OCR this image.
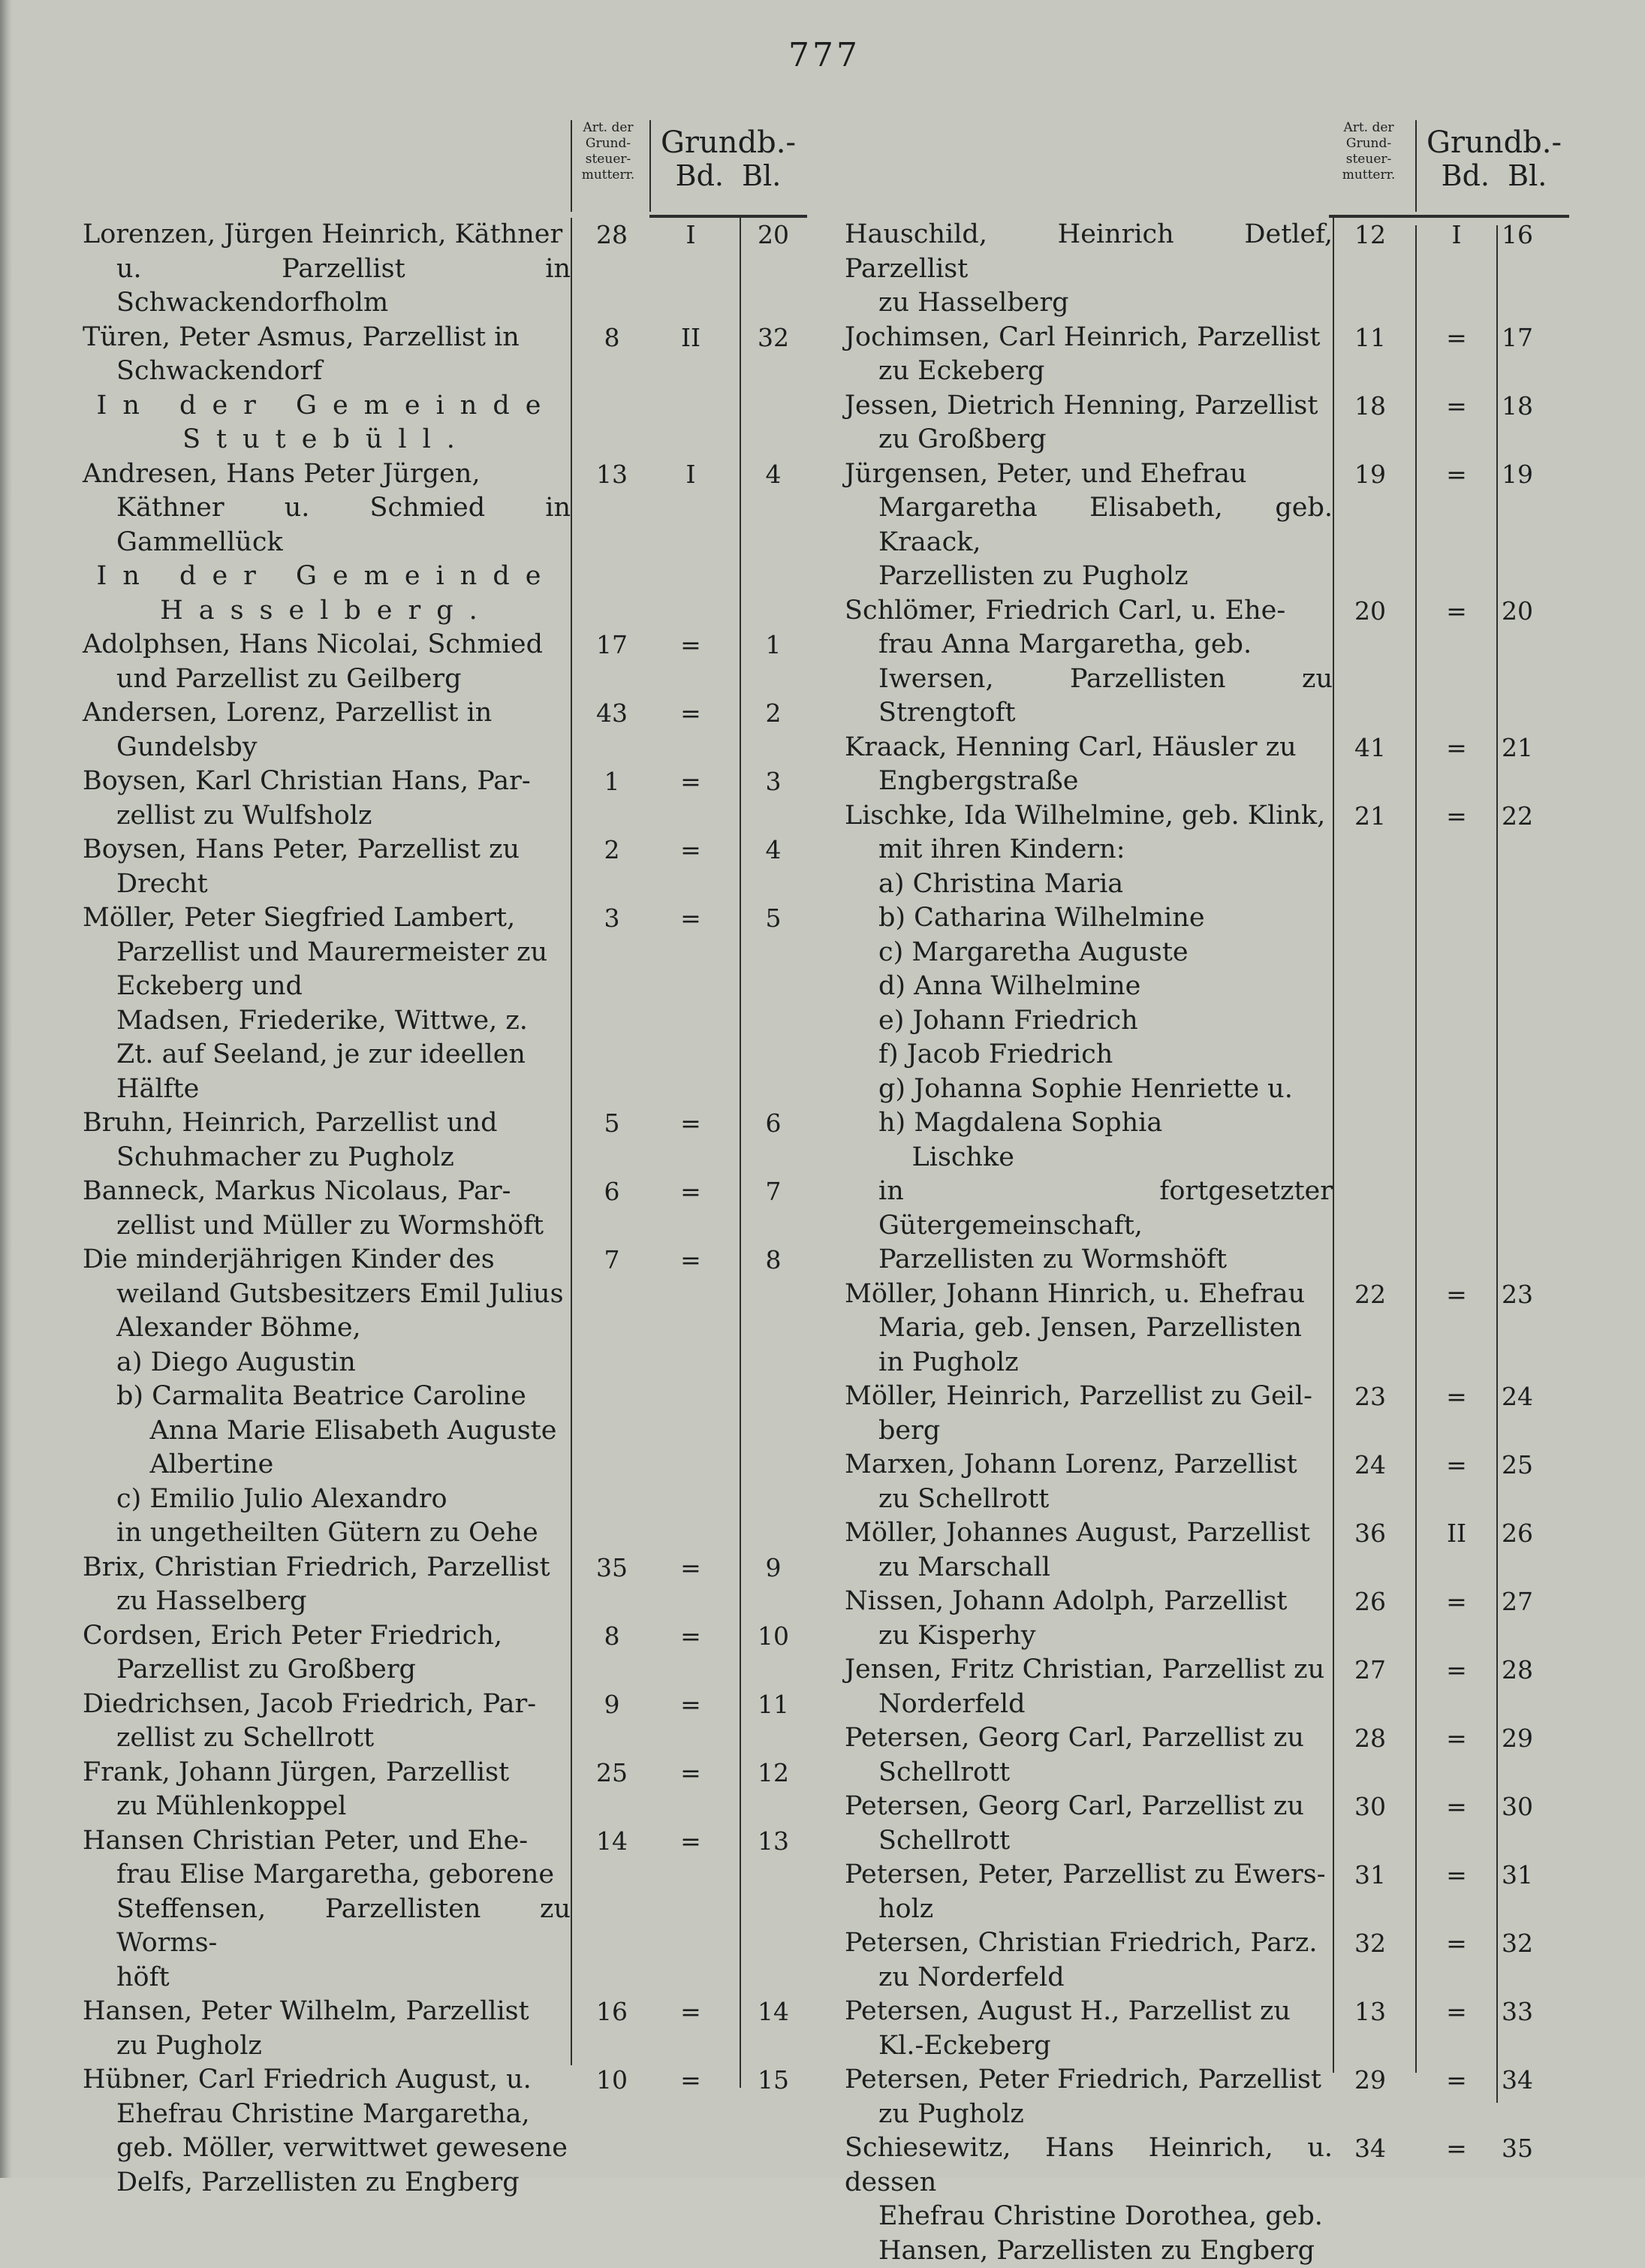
777
Art. der
Grund-
steuer-
mutterr.
Grundb.-
Bd. Bl.
Lorenzen, Jürgen Heinrich, Käthner
u. Parzellist in Schwackendorfholm
28	I	20
Türen, Peter Asmus, Parzellist in
Schwackendorf
8	II	32
In der Gemeinde
Stutebüll.
Andresen, Hans Peter Jürgen,
Käthner u. Schmied in Gammellück
13	I	4
In der Gemeinde
Hasselberg.
Adolphsen, Hans Nicolai, Schmied
und Parzellist zu Geilberg
17	=	1
Andersen, Lorenz, Parzellist in
Gundelsby
43	=	2
Boysen, Karl Christian Hans, Par-
zellist zu Wulfsholz
1	=	3
Boysen, Hans Peter, Parzellist zu
Drecht
2	=	4
Möller, Peter Siegfried Lambert,
Parzellist und Maurermeister zu
Eckeberg und
3	=	5
Madsen, Friederike, Wittwe, z.
Zt. auf Seeland, je zur ideellen
Hälfte
Bruhn, Heinrich, Parzellist und
Schuhmacher zu Pugholz
5	=	6
Banneck, Markus Nicolaus, Par-
zellist und Müller zu Wormshöft
6	=	7
Die minderjährigen Kinder des
weiland Gutsbesitzers Emil Julius
Alexander Böhme,
7	=	8
a) Diego Augustin
b) Carmalita Beatrice Caroline
Anna Marie Elisabeth Auguste
Albertine
c) Emilio Julio Alexandro
in ungetheilten Gütern zu Oehe
Brix, Christian Friedrich, Parzellist
zu Hasselberg
35	=	9
Cordsen, Erich Peter Friedrich,
Parzellist zu Großberg
8	=	10
Diedrichsen, Jacob Friedrich, Par-
zellist zu Schellrott
9	=	11
Frank, Johann Jürgen, Parzellist
zu Mühlenkoppel
25	=	12
Hansen Christian Peter, und Ehe-
frau Elise Margaretha, geborene
Steffensen, Parzellisten zu Worms-
höft
14	=	13
Hansen, Peter Wilhelm, Parzellist
zu Pugholz
16	=	14
Hübner, Carl Friedrich August, u.
Ehefrau Christine Margaretha,
geb. Möller, verwittwet gewesene
Delfs, Parzellisten zu Engberg
10	=	15
Art. der
Grund-
steuer-
mutterr.
Grundb.-
Bd. Bl.
Hauschild, Heinrich Detlef, Parzellist
zu Hasselberg
12	I	16
Jochimsen, Carl Heinrich, Parzellist
zu Eckeberg
11	=	17
Jessen, Dietrich Henning, Parzellist
zu Großberg
18	=	18
Jürgensen, Peter, und Ehefrau
Margaretha Elisabeth, geb. Kraack,
Parzellisten zu Pugholz
19	=	19
Schlömer, Friedrich Carl, u. Ehe-
frau Anna Margaretha, geb.
Iwersen, Parzellisten zu Strengtoft
20	=	20
Kraack, Henning Carl, Häusler zu
Engbergstraße
41	=	21
Lischke, Ida Wilhelmine, geb. Klink,
mit ihren Kindern:
21	=	22
a) Christina Maria
b) Catharina Wilhelmine
c) Margaretha Auguste
d) Anna Wilhelmine
e) Johann Friedrich
f) Jacob Friedrich
g) Johanna Sophie Henriette u.
h) Magdalena Sophia
Lischke
in fortgesetzter Gütergemeinschaft,
Parzellisten zu Wormshöft
Möller, Johann Hinrich, u. Ehefrau
Maria, geb. Jensen, Parzellisten
in Pugholz
22	=	23
Möller, Heinrich, Parzellist zu Geil-
berg
23	=	24
Marxen, Johann Lorenz, Parzellist
zu Schellrott
24	=	25
Möller, Johannes August, Parzellist
zu Marschall
36	II	26
Nissen, Johann Adolph, Parzellist
zu Kisperhy
26	=	27
Jensen, Fritz Christian, Parzellist zu
Norderfeld
27	=	28
Petersen, Georg Carl, Parzellist zu
Schellrott
28	=	29
Petersen, Georg Carl, Parzellist zu
Schellrott
30	=	30
Petersen, Peter, Parzellist zu Ewers-
holz
31	=	31
Petersen, Christian Friedrich, Parz.
zu Norderfeld
32	=	32
Petersen, August H., Parzellist zu
Kl.-Eckeberg
13	=	33
Petersen, Peter Friedrich, Parzellist
zu Pugholz
29	=	34
Schiesewitz, Hans Heinrich, u. dessen
Ehefrau Christine Dorothea, geb.
Hansen, Parzellisten zu Engberg
34	=	35
